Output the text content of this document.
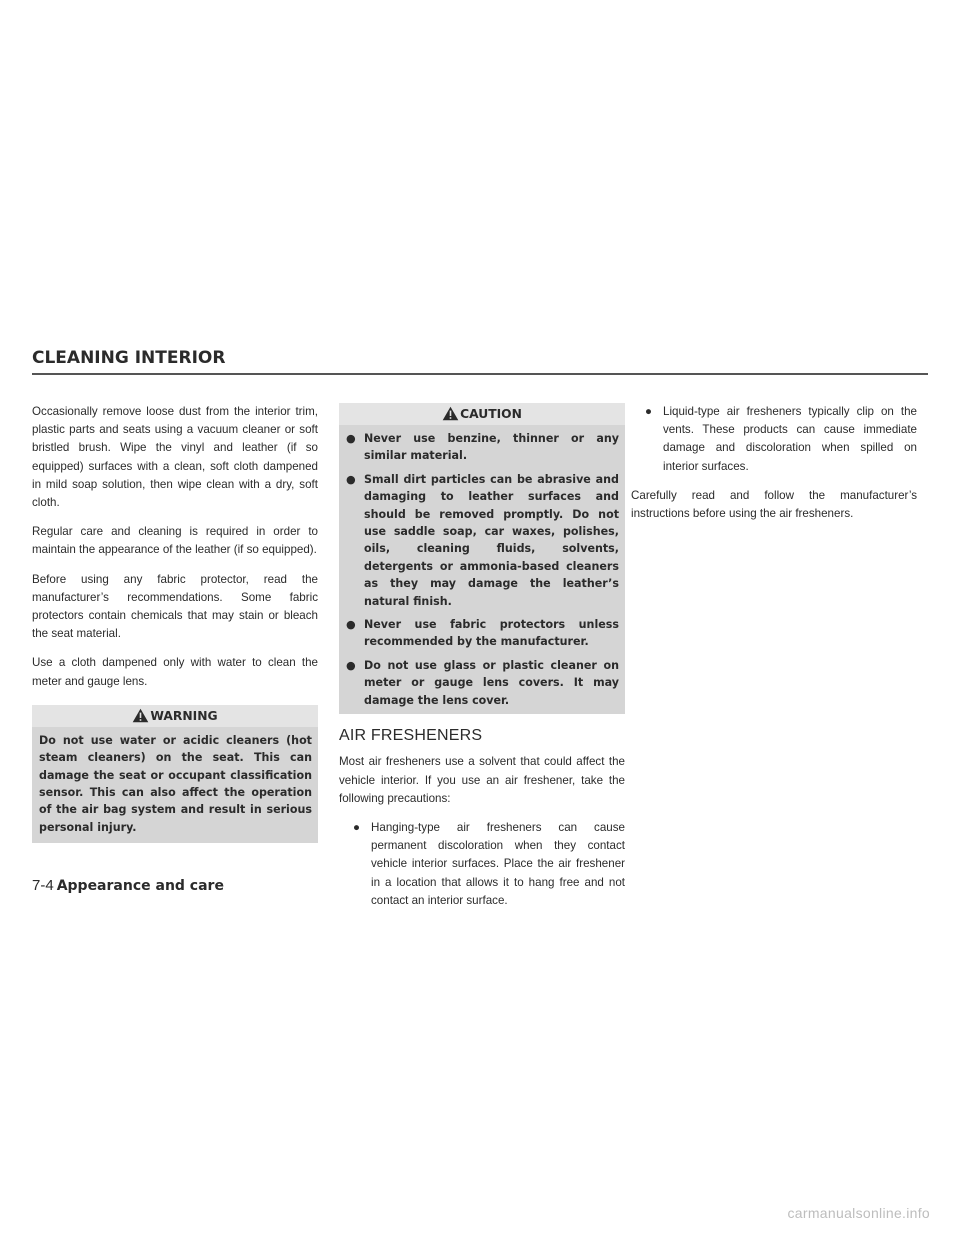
CLEANING INTERIOR

Occasionally remove loose dust from the interior trim, plastic parts and seats using a vacuum cleaner or soft bristled brush. Wipe the vinyl and leather (if so equipped) surfaces with a clean, soft cloth dampened in mild soap solution, then wipe clean with a dry, soft cloth.

Regular care and cleaning is required in order to maintain the appearance of the leather (if so equipped).

Before using any fabric protector, read the manufacturer’s recommendations. Some fabric protectors contain chemicals that may stain or bleach the seat material.

Use a cloth dampened only with water to clean the meter and gauge lens.

WARNING
Do not use water or acidic cleaners (hot steam cleaners) on the seat. This can damage the seat or occupant classification sensor. This can also affect the operation of the air bag system and result in serious personal injury.
CAUTION
● Never use benzine, thinner or any similar material.
● Small dirt particles can be abrasive and damaging to leather surfaces and should be removed promptly. Do not use saddle soap, car waxes, polishes, oils, cleaning fluids, solvents, detergents or ammonia-based cleaners as they may damage the leather’s natural finish.
● Never use fabric protectors unless recommended by the manufacturer.
● Do not use glass or plastic cleaner on meter or gauge lens covers. It may damage the lens cover.
AIR FRESHENERS

Most air fresheners use a solvent that could affect the vehicle interior. If you use an air freshener, take the following precautions:

● Hanging-type air fresheners can cause permanent discoloration when they contact vehicle interior surfaces. Place the air freshener in a location that allows it to hang free and not contact an interior surface.
● Liquid-type air fresheners typically clip on the vents. These products can cause immediate damage and discoloration when spilled on interior surfaces.

Carefully read and follow the manufacturer’s instructions before using the air fresheners.

7-4 Appearance and care
carmanualsonline.info
